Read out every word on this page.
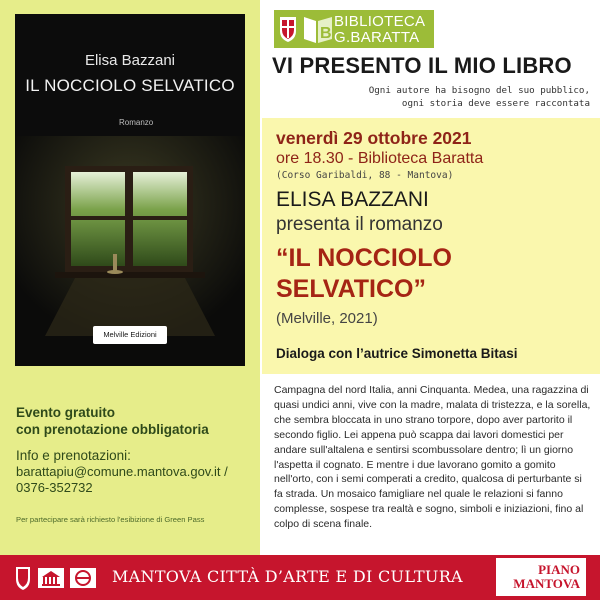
Elisa Bazzani
IL NOCCIOLO SELVATICO
Romanzo
Melville Edizioni
Evento gratuito
con prenotazione obbligatoria
Info e prenotazioni:
barattapiu@comune.mantova.gov.it /
0376-352732
Per partecipare sarà richiesto l'esibizione di Green Pass
B
BIBLIOTECA
G.BARATTA
VI PRESENTO IL MIO LIBRO
Ogni autore ha bisogno del suo pubblico,
ogni storia deve essere raccontata
venerdì 29 ottobre 2021
ore 18.30 - Biblioteca Baratta
(Corso Garibaldi, 88 - Mantova)
ELISA BAZZANI
presenta il romanzo
“IL NOCCIOLO
SELVATICO”
(Melville, 2021)
Dialoga con l’autrice Simonetta Bitasi
Campagna del nord Italia, anni Cinquanta. Medea, una ragazzina di quasi undici anni, vive con la madre, malata di tristezza, e la sorella, che sembra bloccata in uno strano torpore, dopo aver partorito il secondo figlio. Lei appena può scappa dai lavori domestici per andare sull'altalena e sentirsi scombussolare dentro; lì un giorno l'aspetta il cognato. E mentre i due lavorano gomito a gomito nell'orto, con i semi comperati a credito, qualcosa di perturbante si fa strada. Un mosaico famigliare nel quale le relazioni si fanno complesse, sospese tra realtà e sogno, simboli e iniziazioni, fino al colpo di scena finale.
MANTOVA CITTÀ D’ARTE E DI CULTURA	PIANO
MANTOVA
